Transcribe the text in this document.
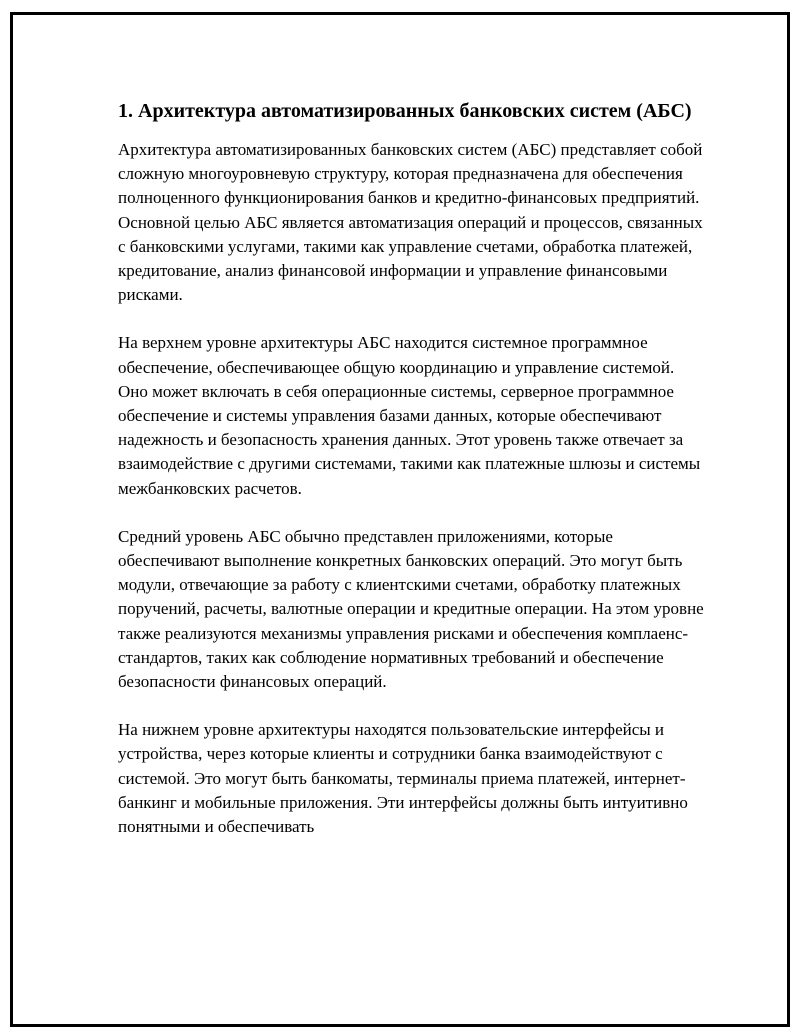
1. Архитектура автоматизированных банковских систем (АБС)

Архитектура автоматизированных банковских систем (АБС) представляет собой сложную многоуровневую структуру, которая предназначена для обеспечения полноценного функционирования банков и кредитно-финансовых предприятий. Основной целью АБС является автоматизация операций и процессов, связанных с банковскими услугами, такими как управление счетами, обработка платежей, кредитование, анализ финансовой информации и управление финансовыми рисками.

На верхнем уровне архитектуры АБС находится системное программное обеспечение, обеспечивающее общую координацию и управление системой. Оно может включать в себя операционные системы, серверное программное обеспечение и системы управления базами данных, которые обеспечивают надежность и безопасность хранения данных. Этот уровень также отвечает за взаимодействие с другими системами, такими как платежные шлюзы и системы межбанковских расчетов.

Средний уровень АБС обычно представлен приложениями, которые обеспечивают выполнение конкретных банковских операций. Это могут быть модули, отвечающие за работу с клиентскими счетами, обработку платежных поручений, расчеты, валютные операции и кредитные операции. На этом уровне также реализуются механизмы управления рисками и обеспечения комплаенс-стандартов, таких как соблюдение нормативных требований и обеспечение безопасности финансовых операций.

На нижнем уровне архитектуры находятся пользовательские интерфейсы и устройства, через которые клиенты и сотрудники банка взаимодействуют с системой. Это могут быть банкоматы, терминалы приема платежей, интернет-банкинг и мобильные приложения. Эти интерфейсы должны быть интуитивно понятными и обеспечивать
